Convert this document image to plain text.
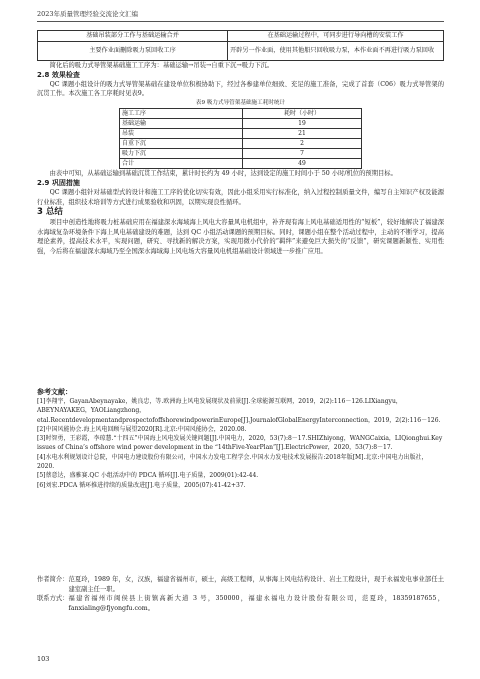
2023年质量管理经验交流论文汇编
基础吊装部分工作与基础运输合并	在基础运输过程中，可同步进行导向槽的安装工作
主要作业面删除吸力泵回收工序	开辟另一作业面，使用其他船只回收吸力泵，本作业面不再进行吸力泵回收

简化后的吸力式导管架基础施工工序为：基础运输→吊装→自重下沉→吸力下沉。

2.8 效果检查

QC 课题小组设计的吸力式导管架基础在建设单位积极协助下，经过各参建单位细致、充足的施工准备，完成了首套（C06）吸力式导管架的沉贯工作。本次施工各工序耗时见表9。

表9 吸力式导管架基础施工耗时统计

施工工序	耗时（小时）
基础运输	19
吊装	21
自重下沉	2
吸力下沉	7
合计	49

由表中可知，从基础运输到基础沉贯工作结束，累计时长约为 49 小时，达到设定的施工时间小于 50 小时/机位的预期目标。

2.9 巩固措施

QC 课题小组针对基础型式的设计和施工工序的优化切实有效，因此小组采用实行标准化，纳入过程控制质量文件，编写自主知识产权及能源行业标准，组织技术培训等方式进行成果验收和巩固，以期实现良性循环。

3 总结

项目中创造性地将吸力桩基础应用在福建深水海域海上风电大容量风电机组中，补齐现有海上风电基础适用性的“短板”，较好地解决了福建深水海域复杂环境条件下海上风电基础建设的难题，达到 QC 小组活动课题的预期目标。同时，课题小组在整个活动过程中，主动的不断学习，提高理论素养，提高技术水平，实现问题，研究、寻找新的解决方案，实现用微小代价的“羁绊”来避免巨大损失的“反馈”，研究课题新颖性、实用性强，今后将在福建深水海域乃至全国深水海域海上风电场大容量风电机组基础设计领域进一步推广应用。

参考文献：

[1]李翔宇，GayanAbeynayake，姚良忠，等.欧洲海上风电发展现状及前景[J].全球能源互联网，2019，2(2):116－126.LIXiangyu，ABEYNAYAKEG，YAOLiangzhong，　etal.RecentdevelopmentandprospectofoffshorewindpowerinEurope[J].JournalofGlobalEnergyInterconnection，2019，2(2):116－126.

[2]中国风能协会.海上风电回顾与展望2020[R].北京:中国风能协会，2020.08.

[3]时智勇，王彩霞，李琼慧.“十四五”中国海上风电发展关键问题[J].中国电力，2020，53(7):8－17.SHIZhiyong，WANGCaixia，LIQionghui.Key issues of China’s offshore wind power development in the “14thFive-YearPlan”[J].ElectricPower，2020，53(7):8－17.

[4]水电水利规划设计总院，中国电力建设股份有限公司，中国水力发电工程学会.中国水力发电技术发展报告:2018年版[M].北京:中国电力出版社，2020.

[5]蔡意达，盛雅赛.QC 小组活动中的 PDCA 循环[J].电子质量，2009(01):42-44.

[6]刘宏.PDCA 循环推进持续的质量改进[J].电子质量，2005(07):41-42+37.

作者简介： 范夏玲，1989 年，女，汉族，福建省福州市，硕士，高级工程师，从事海上风电结构设计、岩土工程设计，现于永福发电事业部任土建室副主任一职。
联系方式： 福建省福州市闽侯县上街镇高新大道 3 号，350000，福建永福电力设计股份有限公司，范夏玲，18359187655，fanxialing@fjyongfu.com。
103
